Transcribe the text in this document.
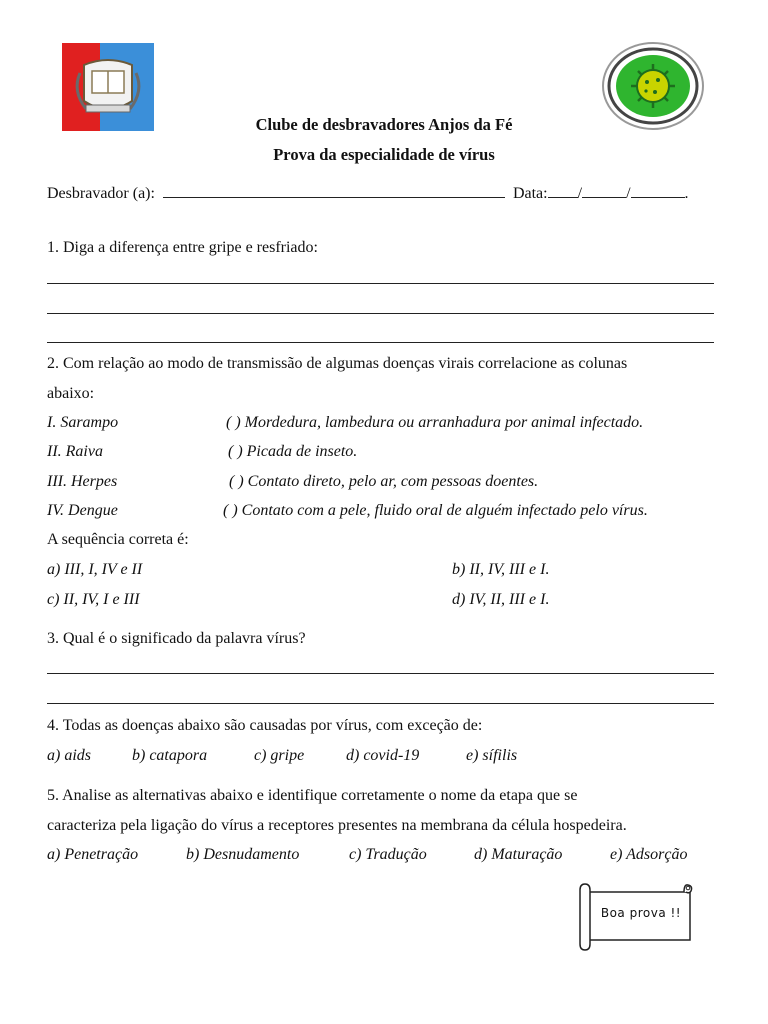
Clube de desbravadores Anjos da Fé
Prova da especialidade de vírus
Desbravador (a):	Data: /	/	.
1. Diga a diferença entre gripe e resfriado:
2. Com relação ao modo de transmissão de algumas doenças virais correlacione as colunas
abaixo:
I. Sarampo	( ) Mordedura, lambedura ou arranhadura por animal infectado.
II. Raiva	( ) Picada de inseto.
III. Herpes	( ) Contato direto, pelo ar, com pessoas doentes.
IV. Dengue	( ) Contato com a pele, fluido oral de alguém infectado pelo vírus.
A sequência correta é:
a) III, I, IV e II	b) II, IV, III e I.
c) II, IV, I e III	d) IV, II, III e I.
3. Qual é o significado da palavra vírus?
4. Todas as doenças abaixo são causadas por vírus, com exceção de:
a) aids	b) catapora	c) gripe	d) covid-19	e) sífilis
5. Analise as alternativas abaixo e identifique corretamente o nome da etapa que se
caracteriza pela ligação do vírus a receptores presentes na membrana da célula hospedeira.
a) Penetração	b) Desnudamento	c) Tradução	d) Maturação	e) Adsorção
Boa prova !!
